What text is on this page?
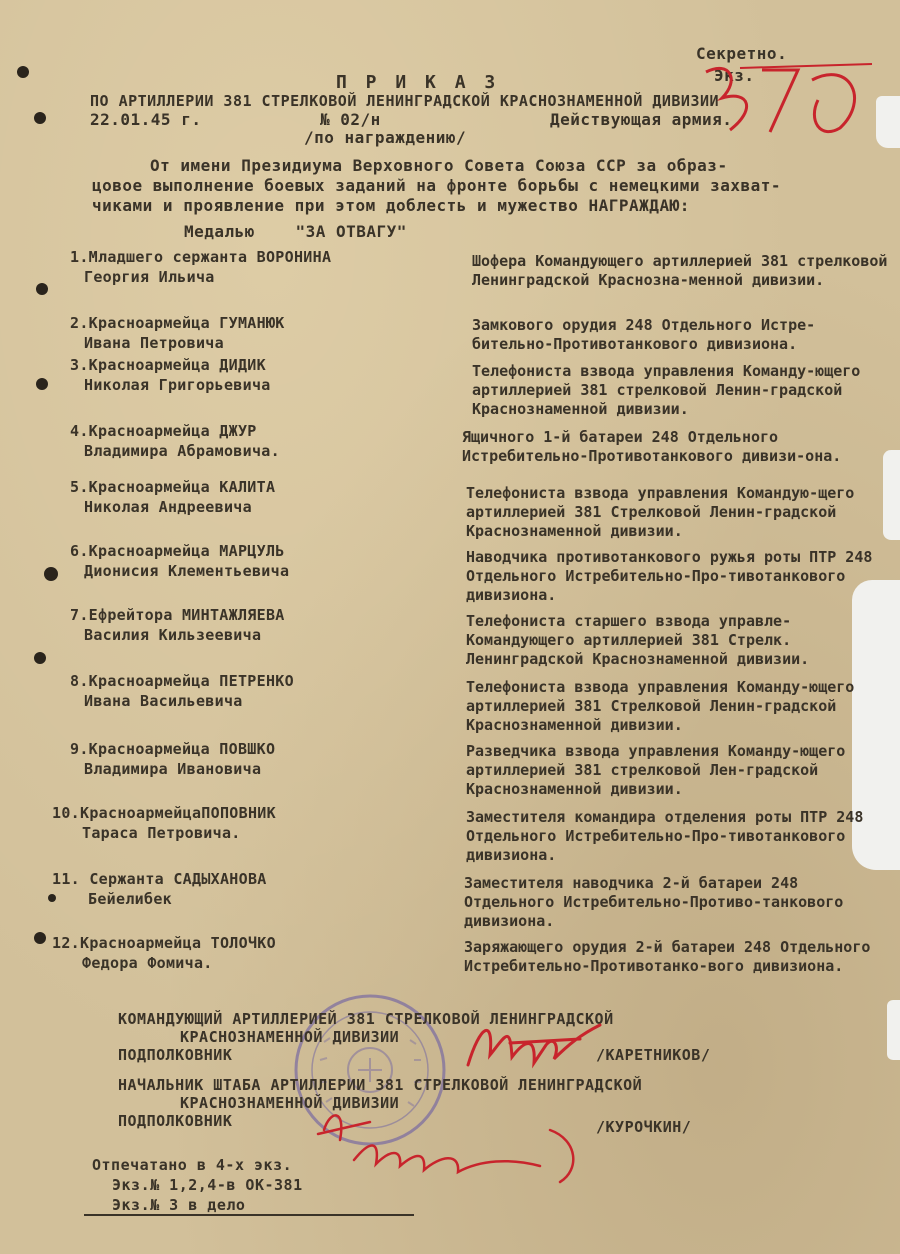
Секретно.
Экз.
П Р И К А З
ПО АРТИЛЛЕРИИ 381 СТРЕЛКОВОЙ ЛЕНИНГРАДСКОЙ КРАСНОЗНАМЕННОЙ ДИВИЗИИ
22.01.45 г.	№ 02/н	Действующая армия.
/по награждению/
От имени Президиума Верховного Совета Союза ССР за образ-
цовое выполнение боевых заданий на фронте борьбы с немецкими захват-
чиками и проявление при этом доблесть и мужество НАГРАЖДАЮ:
Медалью    "ЗА ОТВАГУ"
1.Младшего сержанта ВОРОНИНА
Георгия Ильича
Шофера Командующего артиллерией 381 стрелковой Ленинградской Краснозна-менной дивизии.
2.Красноармейца ГУМАНЮК
Ивана Петровича
Замкового орудия 248 Отдельного Истре-бительно-Противотанкового дивизиона.
3.Красноармейца ДИДИК
Николая Григорьевича
Телефониста взвода управления Команду-ющего артиллерией 381 стрелковой Ленин-градской Краснознаменной дивизии.
4.Красноармейца ДЖУР
Владимира Абрамовича.
Ящичного 1-й батареи 248 Отдельного Истребительно-Противотанкового дивизи-она.
5.Красноармейца КАЛИТА
Николая Андреевича
Телефониста взвода управления Командую-щего артиллерией 381 Стрелковой Ленин-градской Краснознаменной дивизии.
6.Красноармейца МАРЦУЛЬ
Дионисия Клементьевича
Наводчика противотанкового ружья роты ПТР 248 Отдельного Истребительно-Про-тивотанкового дивизиона.
7.Ефрейтора МИНТАЖЛЯЕВА
Василия Кильзеевича
Телефониста старшего взвода управле-Командующего артиллерией 381 Стрелк. Ленинградской Краснознаменной дивизии.
8.Красноармейца ПЕТРЕНКО
Ивана Васильевича
Телефониста взвода управления Команду-ющего артиллерией 381 Стрелковой Ленин-градской Краснознаменной дивизии.
9.Красноармейца ПОВШКО
Владимира Ивановича
Разведчика взвода управления Команду-ющего артиллерией 381 стрелковой Лен-градской Краснознаменной дивизии.
10.КрасноармейцаПОПОВНИК
Тараса Петровича.
Заместителя командира отделения роты ПТР 248 Отдельного Истребительно-Про-тивотанкового дивизиона.
11. Сержанта САДЫХАНОВА
Бейелибек
Заместителя наводчика 2-й батареи 248 Отдельного Истребительно-Противо-танкового дивизиона.
12.Красноармейца ТОЛОЧКО
Федора Фомича.
Заряжающего орудия 2-й батареи 248 Отдельного Истребительно-Противотанко-вого дивизиона.
КОМАНДУЮЩИЙ АРТИЛЛЕРИЕЙ 381 СТРЕЛКОВОЙ ЛЕНИНГРАДСКОЙ
КРАСНОЗНАМЕННОЙ ДИВИЗИИ
ПОДПОЛКОВНИК	/КАРЕТНИКОВ/
НАЧАЛЬНИК ШТАБА АРТИЛЛЕРИИ 381 СТРЕЛКОВОЙ ЛЕНИНГРАДСКОЙ
КРАСНОЗНАМЕННОЙ ДИВИЗИИ
ПОДПОЛКОВНИК	/КУРОЧКИН/
Отпечатано в 4-х экз.
Экз.№ 1,2,4-в ОК-381
Экз.№ 3 в дело
